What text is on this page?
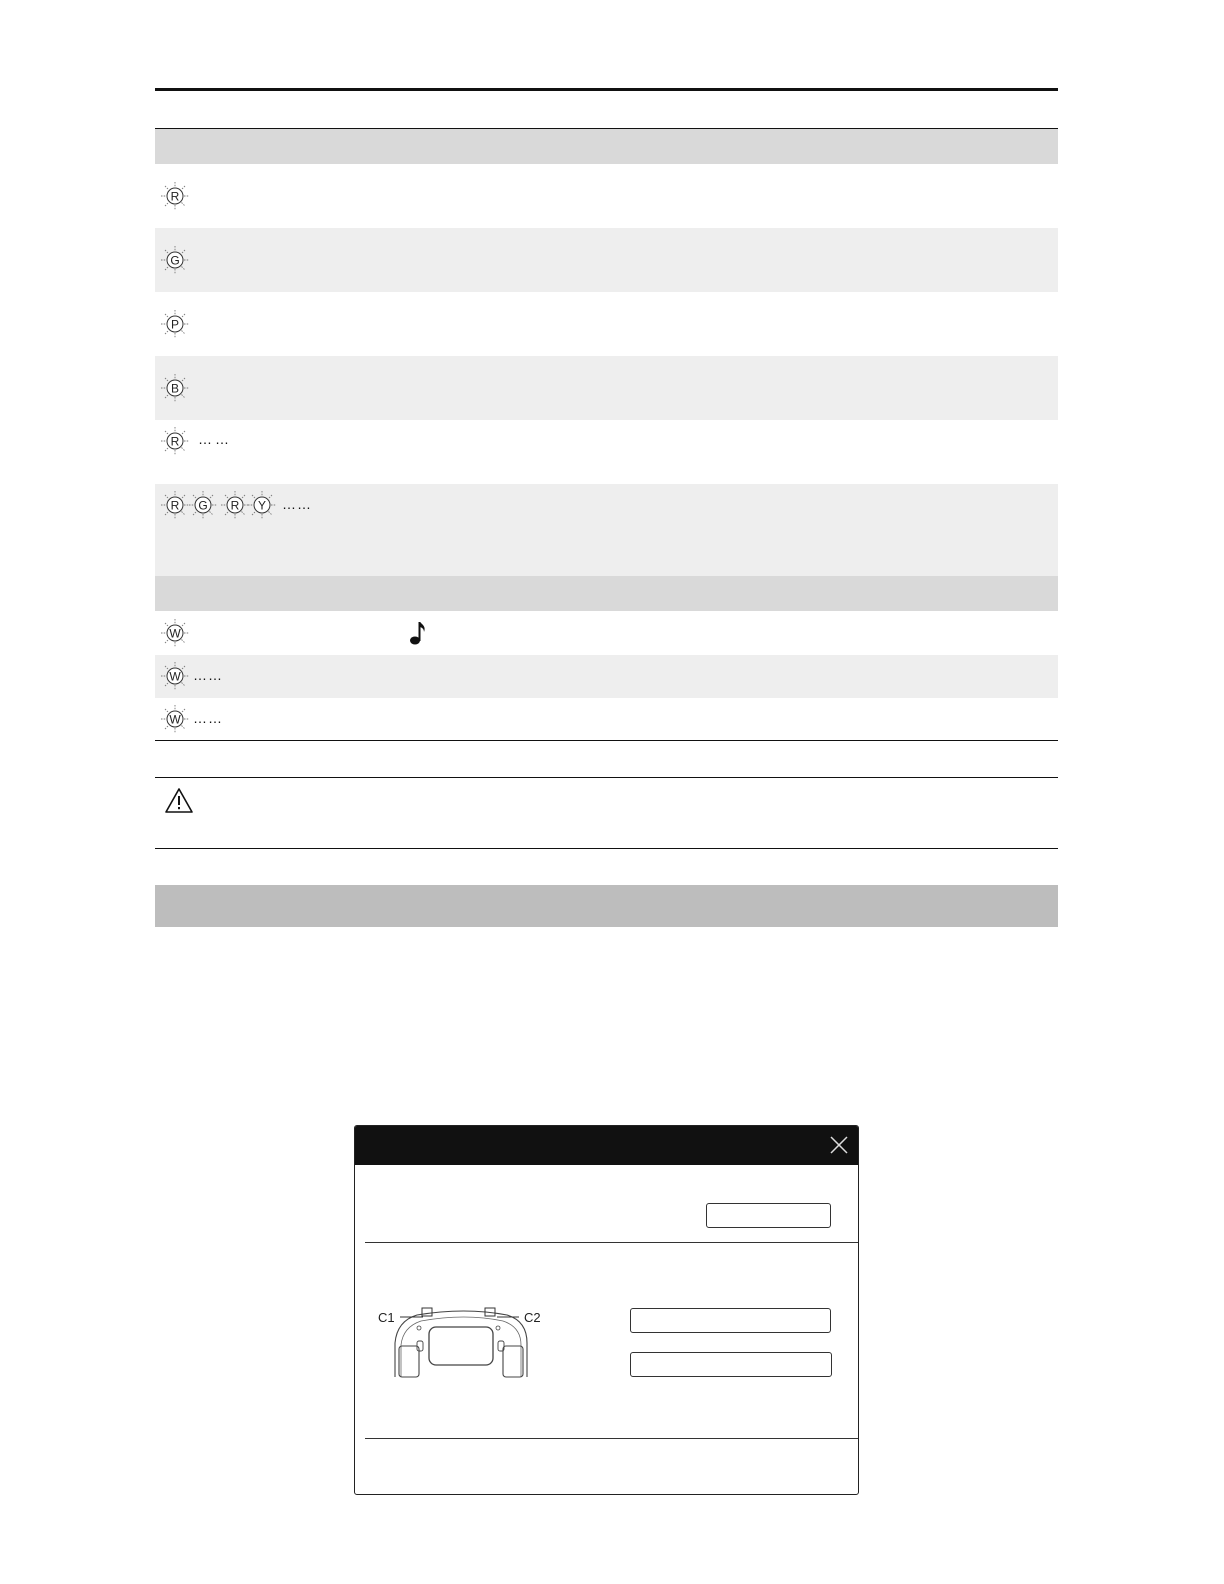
R
G
P
B
R ……
R G R Y ……
W
W ……
W ……
C1	C2
